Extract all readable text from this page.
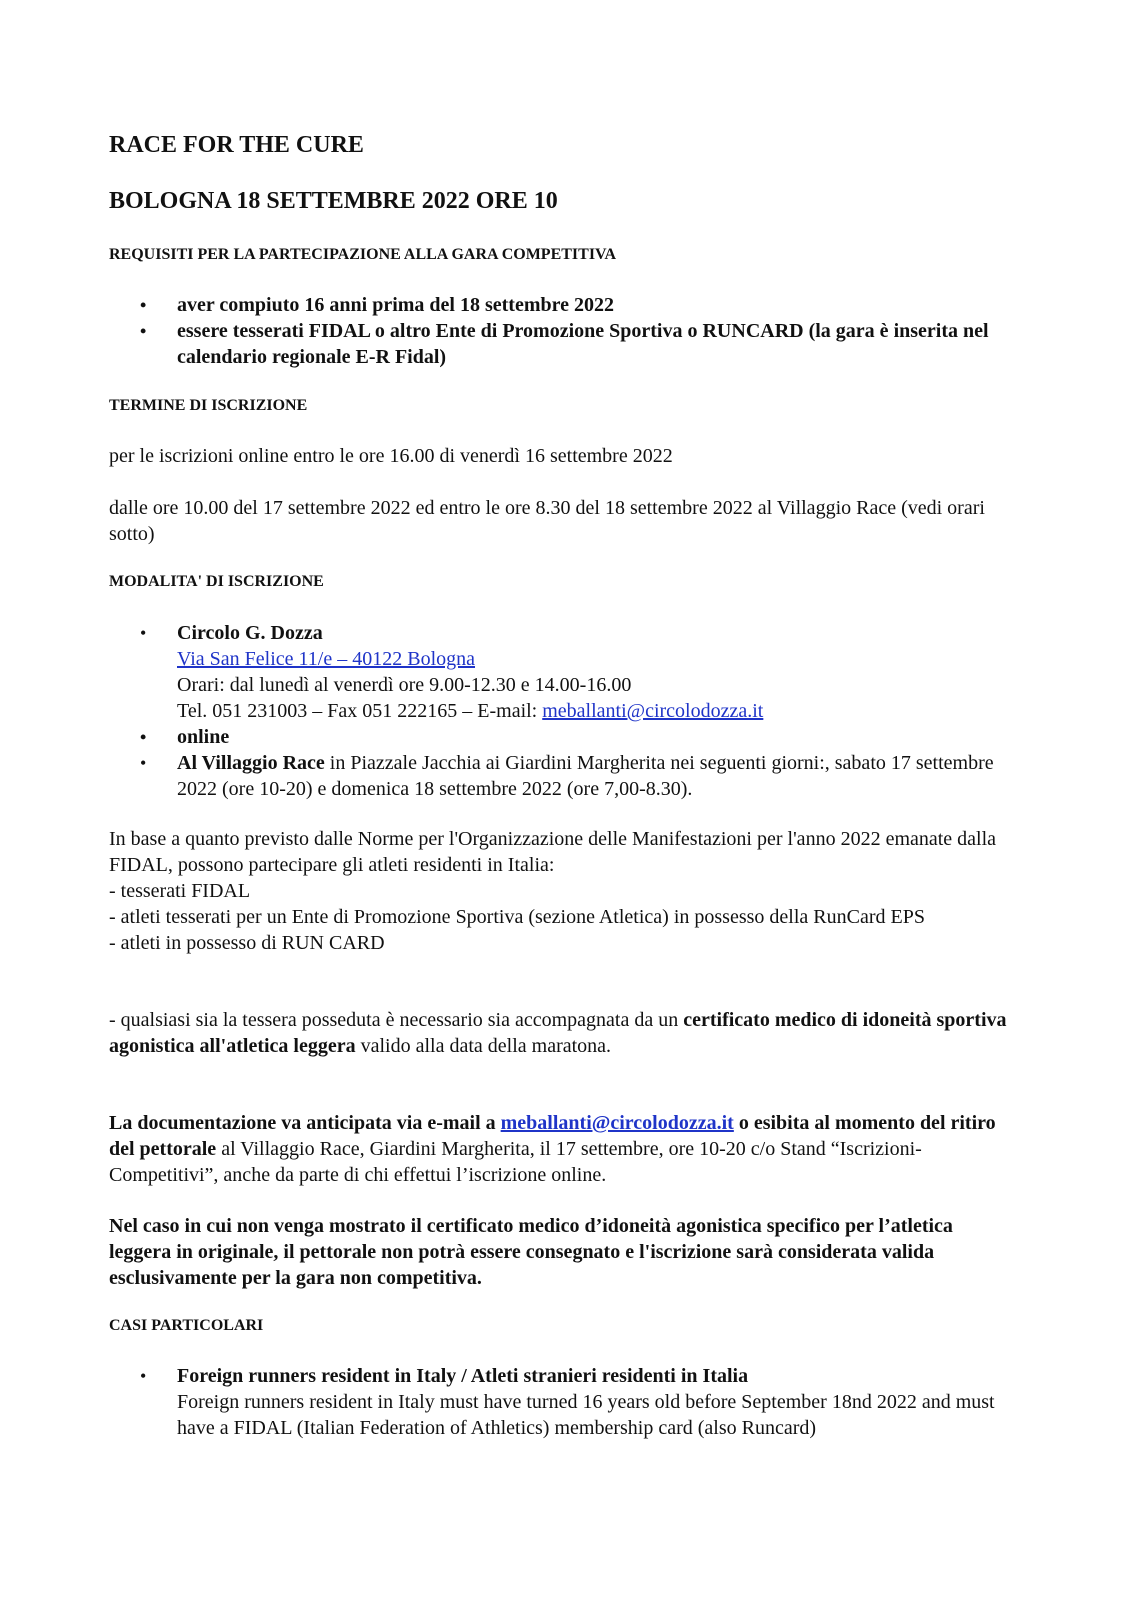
RACE FOR THE CURE
BOLOGNA 18 SETTEMBRE 2022 ORE 10
REQUISITI PER LA PARTECIPAZIONE ALLA GARA COMPETITIVA
• aver compiuto 16 anni prima del 18 settembre 2022
• essere tesserati FIDAL o altro Ente di Promozione Sportiva o RUNCARD (la gara è inserita nel calendario regionale E-R Fidal)
TERMINE DI ISCRIZIONE

per le iscrizioni online entro le ore 16.00 di venerdì 16 settembre 2022

dalle ore 10.00 del 17 settembre 2022 ed entro le ore 8.30 del 18 settembre 2022 al Villaggio Race (vedi orari sotto)

MODALITA' DI ISCRIZIONE
• Circolo G. Dozza
Via San Felice 11/e – 40122 Bologna
Orari: dal lunedì al venerdì ore 9.00-12.30 e 14.00-16.00
Tel. 051 231003 – Fax 051 222165 – E-mail: meballanti@circolodozza.it
• online
• Al Villaggio Race in Piazzale Jacchia ai Giardini Margherita nei seguenti giorni:, sabato 17 settembre 2022 (ore 10-20) e domenica 18 settembre 2022 (ore 7,00-8.30).
In base a quanto previsto dalle Norme per l'Organizzazione delle Manifestazioni per l'anno 2022 emanate dalla FIDAL, possono partecipare gli atleti residenti in Italia:
- tesserati FIDAL
- atleti tesserati per un Ente di Promozione Sportiva (sezione Atletica) in possesso della RunCard EPS
- atleti in possesso di RUN CARD

- qualsiasi sia la tessera posseduta è necessario sia accompagnata da un certificato medico di idoneità sportiva agonistica all'atletica leggera valido alla data della maratona.

La documentazione va anticipata via e-mail a meballanti@circolodozza.it o esibita al momento del ritiro del pettorale al Villaggio Race, Giardini Margherita, il 17 settembre, ore 10-20 c/o Stand “Iscrizioni-Competitivi”, anche da parte di chi effettui l’iscrizione online.

Nel caso in cui non venga mostrato il certificato medico d’idoneità agonistica specifico per l’atletica leggera in originale, il pettorale non potrà essere consegnato e l'iscrizione sarà considerata valida esclusivamente per la gara non competitiva.

CASI PARTICOLARI
• Foreign runners resident in Italy / Atleti stranieri residenti in Italia
Foreign runners resident in Italy must have turned 16 years old before September 18nd 2022 and must have a FIDAL (Italian Federation of Athletics) membership card (also Runcard)
